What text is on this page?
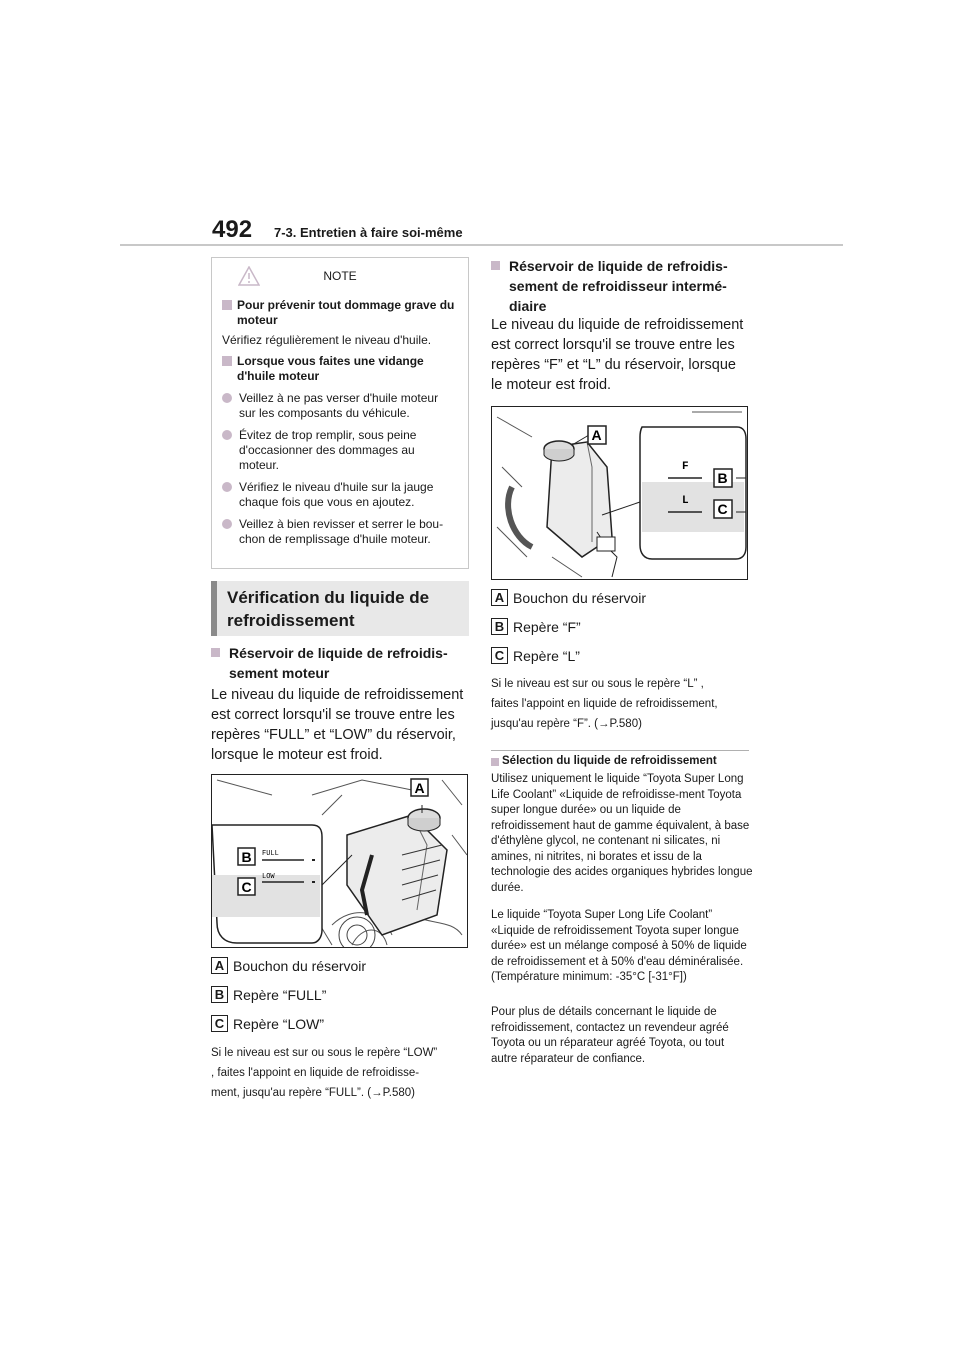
492	7-3. Entretien à faire soi-même
NOTE
Pour prévenir tout dommage grave du moteur

Vérifiez régulièrement le niveau d'huile.

Lorsque vous faites une vidange d'huile moteur
Veillez à ne pas verser d'huile moteur sur les composants du véhicule.
Évitez de trop remplir, sous peine d'occasionner des dommages au moteur.
Vérifiez le niveau d'huile sur la jauge chaque fois que vous en ajoutez.
Veillez à bien revisser et serrer le bou-chon de remplissage d'huile moteur.
Vérification du liquide de refroidissement
Réservoir de liquide de refroidis-sement moteur

Le niveau du liquide de refroidissement est correct lorsqu'il se trouve entre les repères “FULL” et “LOW” du réservoir, lorsque le moteur est froid.

A
B
C
FULL
LOW
A Bouchon du réservoir
B Repère “FULL”
C Repère “LOW”
Si le niveau est sur ou sous le repère “LOW”
, faites l'appoint en liquide de refroidisse-
ment, jusqu'au repère “FULL”. (→P.580)
Réservoir de liquide de refroidis-sement de refroidisseur intermé-diaire

Le niveau du liquide de refroidissement est correct lorsqu'il se trouve entre les repères “F” et “L” du réservoir, lorsque le moteur est froid.

A
B
C
F
L
A Bouchon du réservoir
B Repère “F”
C Repère “L”
Si le niveau est sur ou sous le repère “L” ,
faites l'appoint en liquide de refroidissement,
jusqu'au repère “F”. (→P.580)
Sélection du liquide de refroidissement

Utilisez uniquement le liquide “Toyota Super Long Life Coolant” «Liquide de refroidisse-ment Toyota super longue durée» ou un liquide de refroidissement haut de gamme équivalent, à base d'éthylène glycol, ne contenant ni silicates, ni amines, ni nitrites, ni borates et issu de la technologie des acides organiques hybrides longue durée.

Le liquide “Toyota Super Long Life Coolant” «Liquide de refroidissement Toyota super longue durée» est un mélange composé à 50% de liquide de refroidissement et à 50% d'eau déminéralisée. (Température minimum: -35°C [-31°F])

Pour plus de détails concernant le liquide de refroidissement, contactez un revendeur agréé Toyota ou un réparateur agréé Toyota, ou tout autre réparateur de confiance.
